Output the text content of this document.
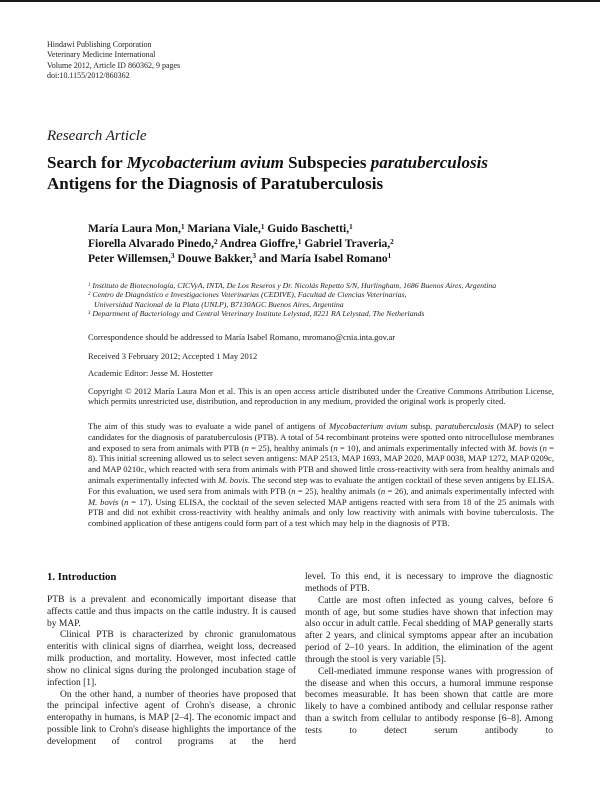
Hindawi Publishing Corporation
Veterinary Medicine International
Volume 2012, Article ID 860362, 9 pages
doi:10.1155/2012/860362
Research Article
Search for Mycobacterium avium Subspecies paratuberculosis
Antigens for the Diagnosis of Paratuberculosis
María Laura Mon,$^1$ Mariana Viale,$^1$ Guido Baschetti,$^1$
Fiorella Alvarado Pinedo,$^2$ Andrea Gioffre,$^1$ Gabriel Traveria,$^2$
Peter Willemsen,$^3$ Douwe Bakker,$^3$ and María Isabel Romano$^1$
$^1$ Instituto de Biotecnología, CICVyA, INTA, De Los Reseros y Dr. Nicolás Repetto S/N, Hurlingham, 1686 Buenos Aires, Argentina
$^2$ Centro de Diagnóstico e Investigaciones Veterinarias (CEDIVE), Facultad de Ciencias Veterinarias,
Universidad Nacional de la Plata (UNLP), B7130AGC Buenos Aires, Argentina
$^3$ Department of Bacteriology and Central Veterinary Institute Lelystad, 8221 RA Lelystad, The Netherlands
Correspondence should be addressed to María Isabel Romano, mromano@cnia.inta.gov.ar
Received 3 February 2012; Accepted 1 May 2012
Academic Editor: Jesse M. Hostetter
Copyright © 2012 María Laura Mon et al. This is an open access article distributed under the Creative Commons Attribution License, which permits unrestricted use, distribution, and reproduction in any medium, provided the original work is properly cited.
The aim of this study was to evaluate a wide panel of antigens of Mycobacterium avium subsp. paratuberculosis (MAP) to select candidates for the diagnosis of paratuberculosis (PTB). A total of 54 recombinant proteins were spotted onto nitrocellulose membranes and exposed to sera from animals with PTB (n = 25), healthy animals (n = 10), and animals experimentally infected with M. bovis (n = 8). This initial screening allowed us to select seven antigens: MAP 2513, MAP 1693, MAP 2020, MAP 0038, MAP 1272, MAP 0209c, and MAP 0210c, which reacted with sera from animals with PTB and showed little cross-reactivity with sera from healthy animals and animals experimentally infected with M. bovis. The second step was to evaluate the antigen cocktail of these seven antigens by ELISA. For this evaluation, we used sera from animals with PTB (n = 25), healthy animals (n = 26), and animals experimentally infected with M. bovis (n = 17). Using ELISA, the cocktail of the seven selected MAP antigens reacted with sera from 18 of the 25 animals with PTB and did not exhibit cross-reactivity with healthy animals and only low reactivity with animals with bovine tuberculosis. The combined application of these antigens could form part of a test which may help in the diagnosis of PTB.
1. Introduction

PTB is a prevalent and economically important disease that affects cattle and thus impacts on the cattle industry. It is caused by MAP.

Clinical PTB is characterized by chronic granulomatous enteritis with clinical signs of diarrhea, weight loss, decreased milk production, and mortality. However, most infected cattle show no clinical signs during the prolonged incubation stage of infection [1].

On the other hand, a number of theories have proposed that the principal infective agent of Crohn's disease, a chronic enteropathy in humans, is MAP [2–4]. The economic impact and possible link to Crohn's disease highlights the importance of the development of control programs at the herd

level. To this end, it is necessary to improve the diagnostic methods of PTB.

Cattle are most often infected as young calves, before 6 month of age, but some studies have shown that infection may also occur in adult cattle. Fecal shedding of MAP generally starts after 2 years, and clinical symptoms appear after an incubation period of 2–10 years. In addition, the elimination of the agent through the stool is very variable [5].

Cell-mediated immune response wanes with progression of the disease and when this occurs, a humoral immune response becomes measurable. It has been shown that cattle are more likely to have a combined antibody and cellular response rather than a switch from cellular to antibody response [6–8]. Among tests to detect serum antibody to
